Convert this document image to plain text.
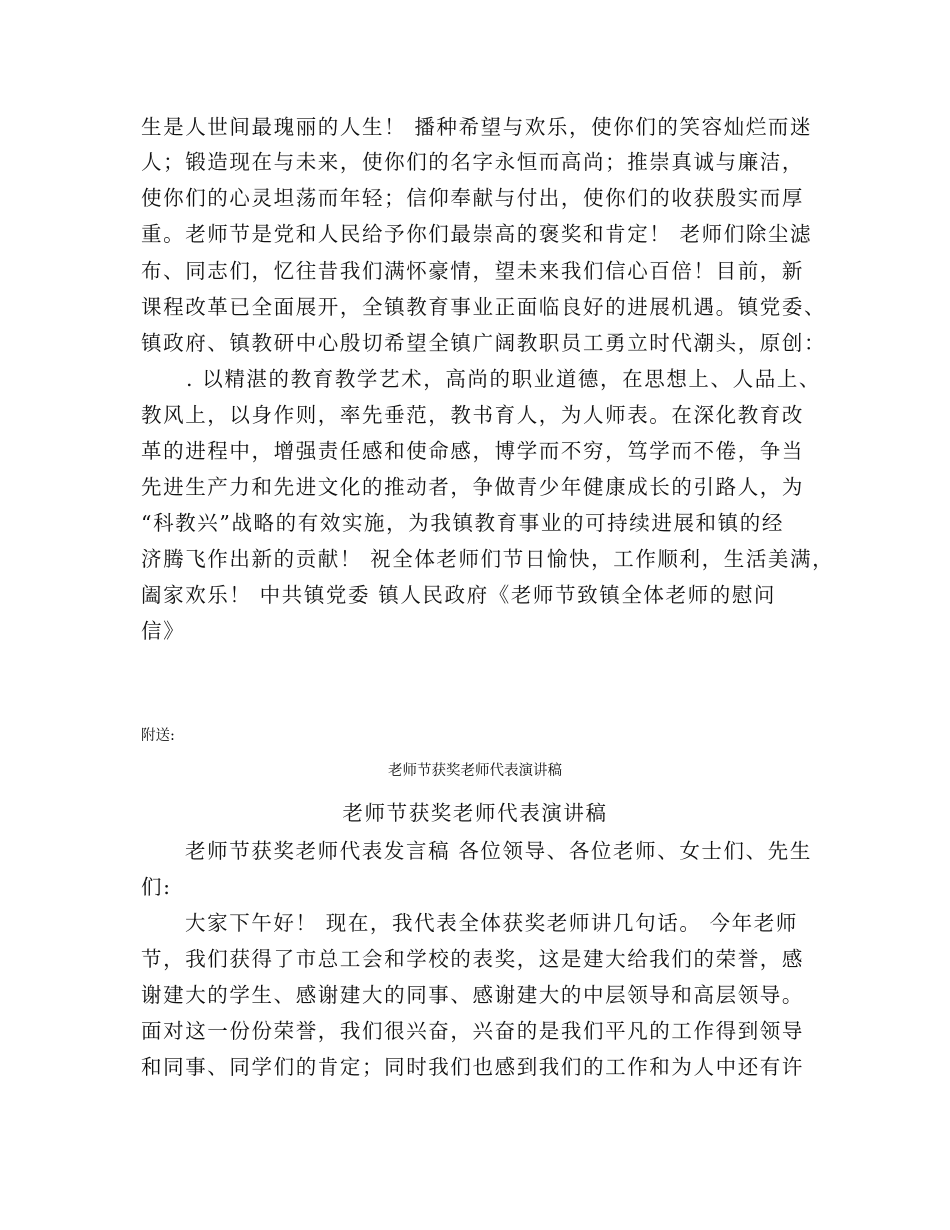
生是人世间最瑰丽的人生！ 播种希望与欢乐，使你们的笑容灿烂而迷
人；锻造现在与未来，使你们的名字永恒而高尚；推崇真诚与廉洁，
使你们的心灵坦荡而年轻；信仰奉献与付出，使你们的收获殷实而厚
重。老师节是党和人民给予你们最崇高的褒奖和肯定！ 老师们除尘滤
布、同志们，忆往昔我们满怀豪情，望未来我们信心百倍！目前，新
课程改革已全面展开，全镇教育事业正面临良好的进展机遇。镇党委、
镇政府、镇教研中心殷切希望全镇广阔教职员工勇立时代潮头，原创：
. 以精湛的教育教学艺术，高尚的职业道德，在思想上、人品上、
教风上，以身作则，率先垂范，教书育人，为人师表。在深化教育改
革的进程中，增强责任感和使命感，博学而不穷，笃学而不倦，争当
先进生产力和先进文化的推动者，争做青少年健康成长的引路人，为
“科教兴”战略的有效实施，为我镇教育事业的可持续进展和镇的经
济腾飞作出新的贡献！ 祝全体老师们节日愉快，工作顺利，生活美满，
阖家欢乐！ 中共镇党委 镇人民政府《老师节致镇全体老师的慰问
信》
附送:
老师节获奖老师代表演讲稿
老师节获奖老师代表演讲稿
老师节获奖老师代表发言稿 各位领导、各位老师、女士们、先生
们:
大家下午好！ 现在，我代表全体获奖老师讲几句话。 今年老师
节，我们获得了市总工会和学校的表奖，这是建大给我们的荣誉，感
谢建大的学生、感谢建大的同事、感谢建大的中层领导和高层领导。
面对这一份份荣誉，我们很兴奋，兴奋的是我们平凡的工作得到领导
和同事、同学们的肯定；同时我们也感到我们的工作和为人中还有许
